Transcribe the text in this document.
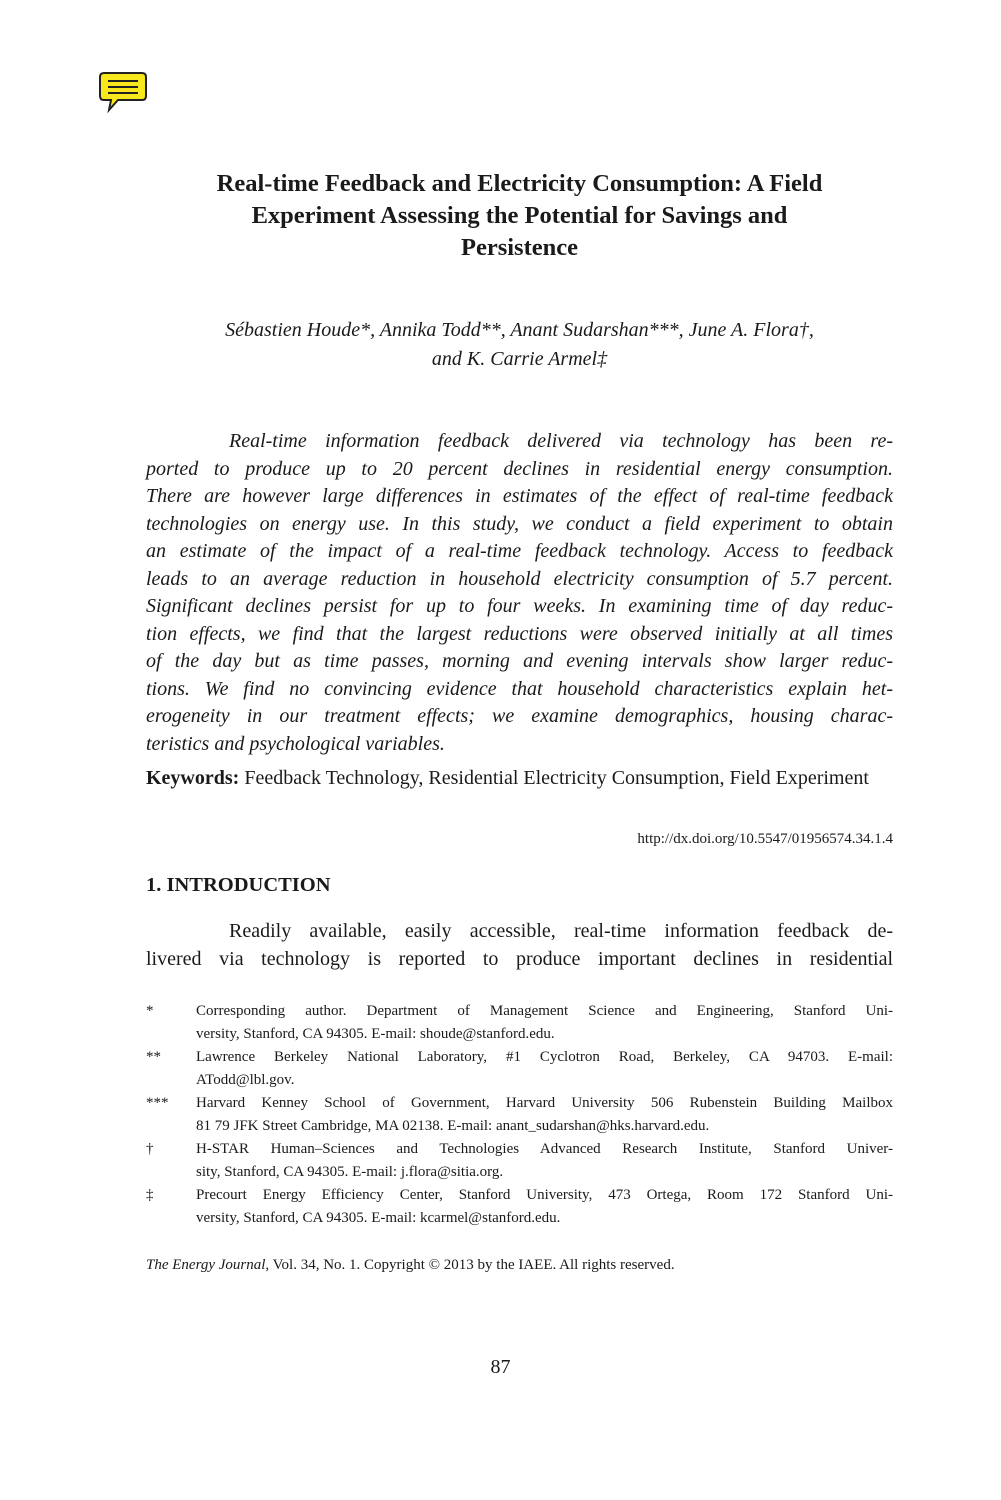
Real-time Feedback and Electricity Consumption: A Field
Experiment Assessing the Potential for Savings and
Persistence
Sébastien Houde*, Annika Todd**, Anant Sudarshan***, June A. Flora†,
and K. Carrie Armel‡
Real-time information feedback delivered via technology has been re-
ported to produce up to 20 percent declines in residential energy consumption.
There are however large differences in estimates of the effect of real-time feedback
technologies on energy use. In this study, we conduct a field experiment to obtain
an estimate of the impact of a real-time feedback technology. Access to feedback
leads to an average reduction in household electricity consumption of 5.7 percent.
Significant declines persist for up to four weeks. In examining time of day reduc-
tion effects, we find that the largest reductions were observed initially at all times
of the day but as time passes, morning and evening intervals show larger reduc-
tions. We find no convincing evidence that household characteristics explain het-
erogeneity in our treatment effects; we examine demographics, housing charac-
teristics and psychological variables.
Keywords: Feedback Technology, Residential Electricity Consumption, Field Experiment
http://dx.doi.org/10.5547/01956574.34.1.4
1. INTRODUCTION
Readily available, easily accessible, real-time information feedback de-
livered via technology is reported to produce important declines in residential
*	Corresponding author. Department of Management Science and Engineering, Stanford Uni-
versity, Stanford, CA 94305. E-mail: shoude@stanford.edu.
** Lawrence Berkeley National Laboratory, #1 Cyclotron Road, Berkeley, CA 94703. E-mail:
ATodd@lbl.gov.
*** Harvard Kenney School of Government, Harvard University 506 Rubenstein Building Mailbox
81 79 JFK Street Cambridge, MA 02138. E-mail: anant_sudarshan@hks.harvard.edu.
†	H-STAR Human–Sciences and Technologies Advanced Research Institute, Stanford Univer-
sity, Stanford, CA 94305. E-mail: j.flora@sitia.org.
‡	Precourt Energy Efficiency Center, Stanford University, 473 Ortega, Room 172 Stanford Uni-
versity, Stanford, CA 94305. E-mail: kcarmel@stanford.edu.
The Energy Journal, Vol. 34, No. 1. Copyright © 2013 by the IAEE. All rights reserved.
87
